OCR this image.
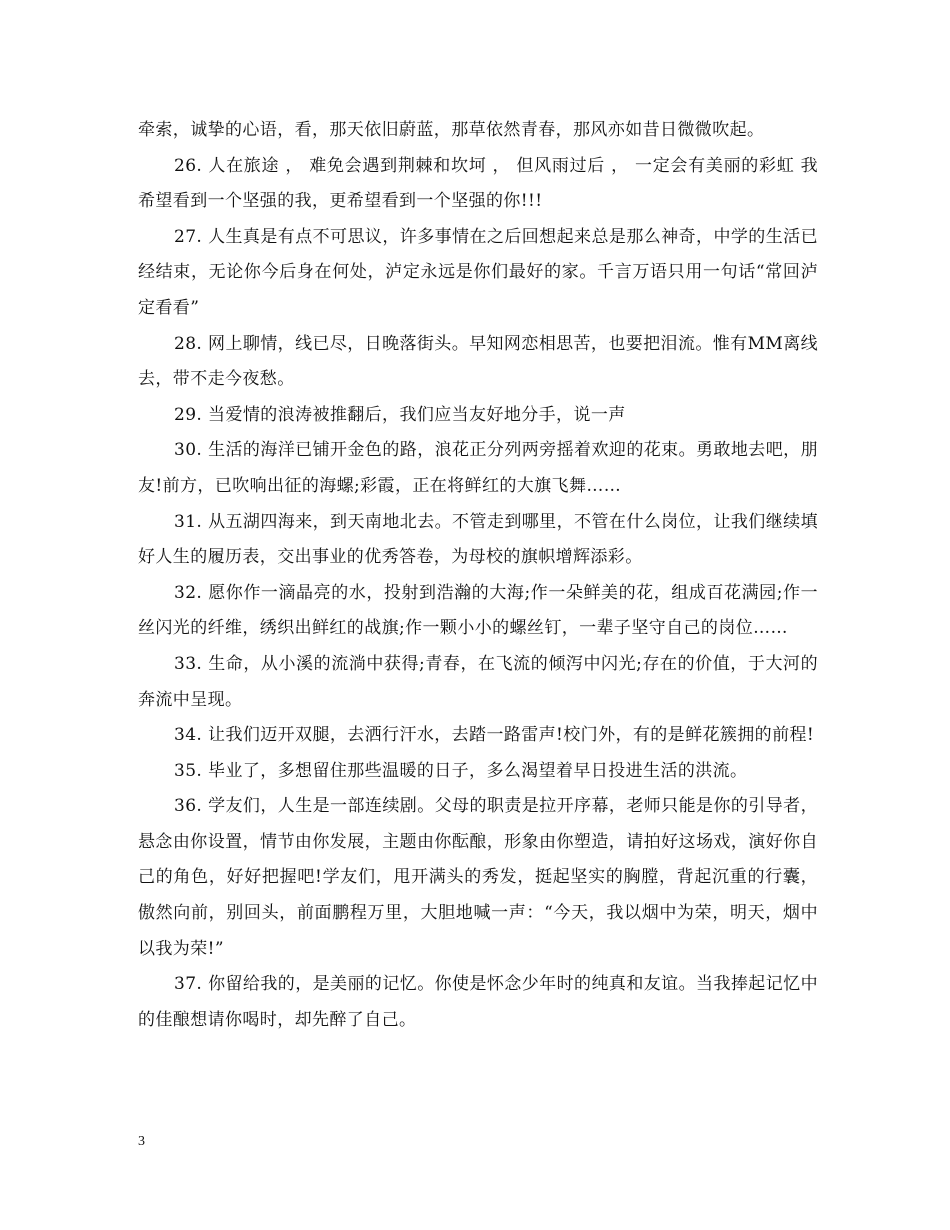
牵索，诚挚的心语，看，那天依旧蔚蓝，那草依然青春，那风亦如昔日微微吹起。

26. 人在旅途 ， 难免会遇到荆棘和坎坷 ， 但风雨过后 ， 一定会有美丽的彩虹 我希望看到一个坚强的我，更希望看到一个坚强的你!!!

27. 人生真是有点不可思议，许多事情在之后回想起来总是那么神奇，中学的生活已经结束，无论你今后身在何处，泸定永远是你们最好的家。千言万语只用一句话“常回泸定看看”

28. 网上聊情，线已尽，日晚落街头。早知网恋相思苦，也要把泪流。惟有MM离线去，带不走今夜愁。

29. 当爱情的浪涛被推翻后，我们应当友好地分手，说一声

30. 生活的海洋已铺开金色的路，浪花正分列两旁摇着欢迎的花束。勇敢地去吧，朋友!前方，已吹响出征的海螺;彩霞，正在将鲜红的大旗飞舞……

31. 从五湖四海来，到天南地北去。不管走到哪里，不管在什么岗位，让我们继续填好人生的履历表，交出事业的优秀答卷，为母校的旗帜增辉添彩。

32. 愿你作一滴晶亮的水，投射到浩瀚的大海;作一朵鲜美的花，组成百花满园;作一丝闪光的纤维，绣织出鲜红的战旗;作一颗小小的螺丝钉，一辈子坚守自己的岗位……

33. 生命，从小溪的流淌中获得;青春，在飞流的倾泻中闪光;存在的价值，于大河的奔流中呈现。

34. 让我们迈开双腿，去洒行汗水，去踏一路雷声!校门外，有的是鲜花簇拥的前程!

35. 毕业了，多想留住那些温暖的日子，多么渴望着早日投进生活的洪流。

36. 学友们，人生是一部连续剧。父母的职责是拉开序幕，老师只能是你的引导者，悬念由你设置，情节由你发展，主题由你酝酿，形象由你塑造，请拍好这场戏，演好你自己的角色，好好把握吧!学友们，甩开满头的秀发，挺起坚实的胸膛，背起沉重的行囊，傲然向前，别回头，前面鹏程万里，大胆地喊一声：“今天，我以烟中为荣，明天，烟中以我为荣!”

37. 你留给我的，是美丽的记忆。你使是怀念少年时的纯真和友谊。当我捧起记忆中的佳酿想请你喝时，却先醉了自己。

3
